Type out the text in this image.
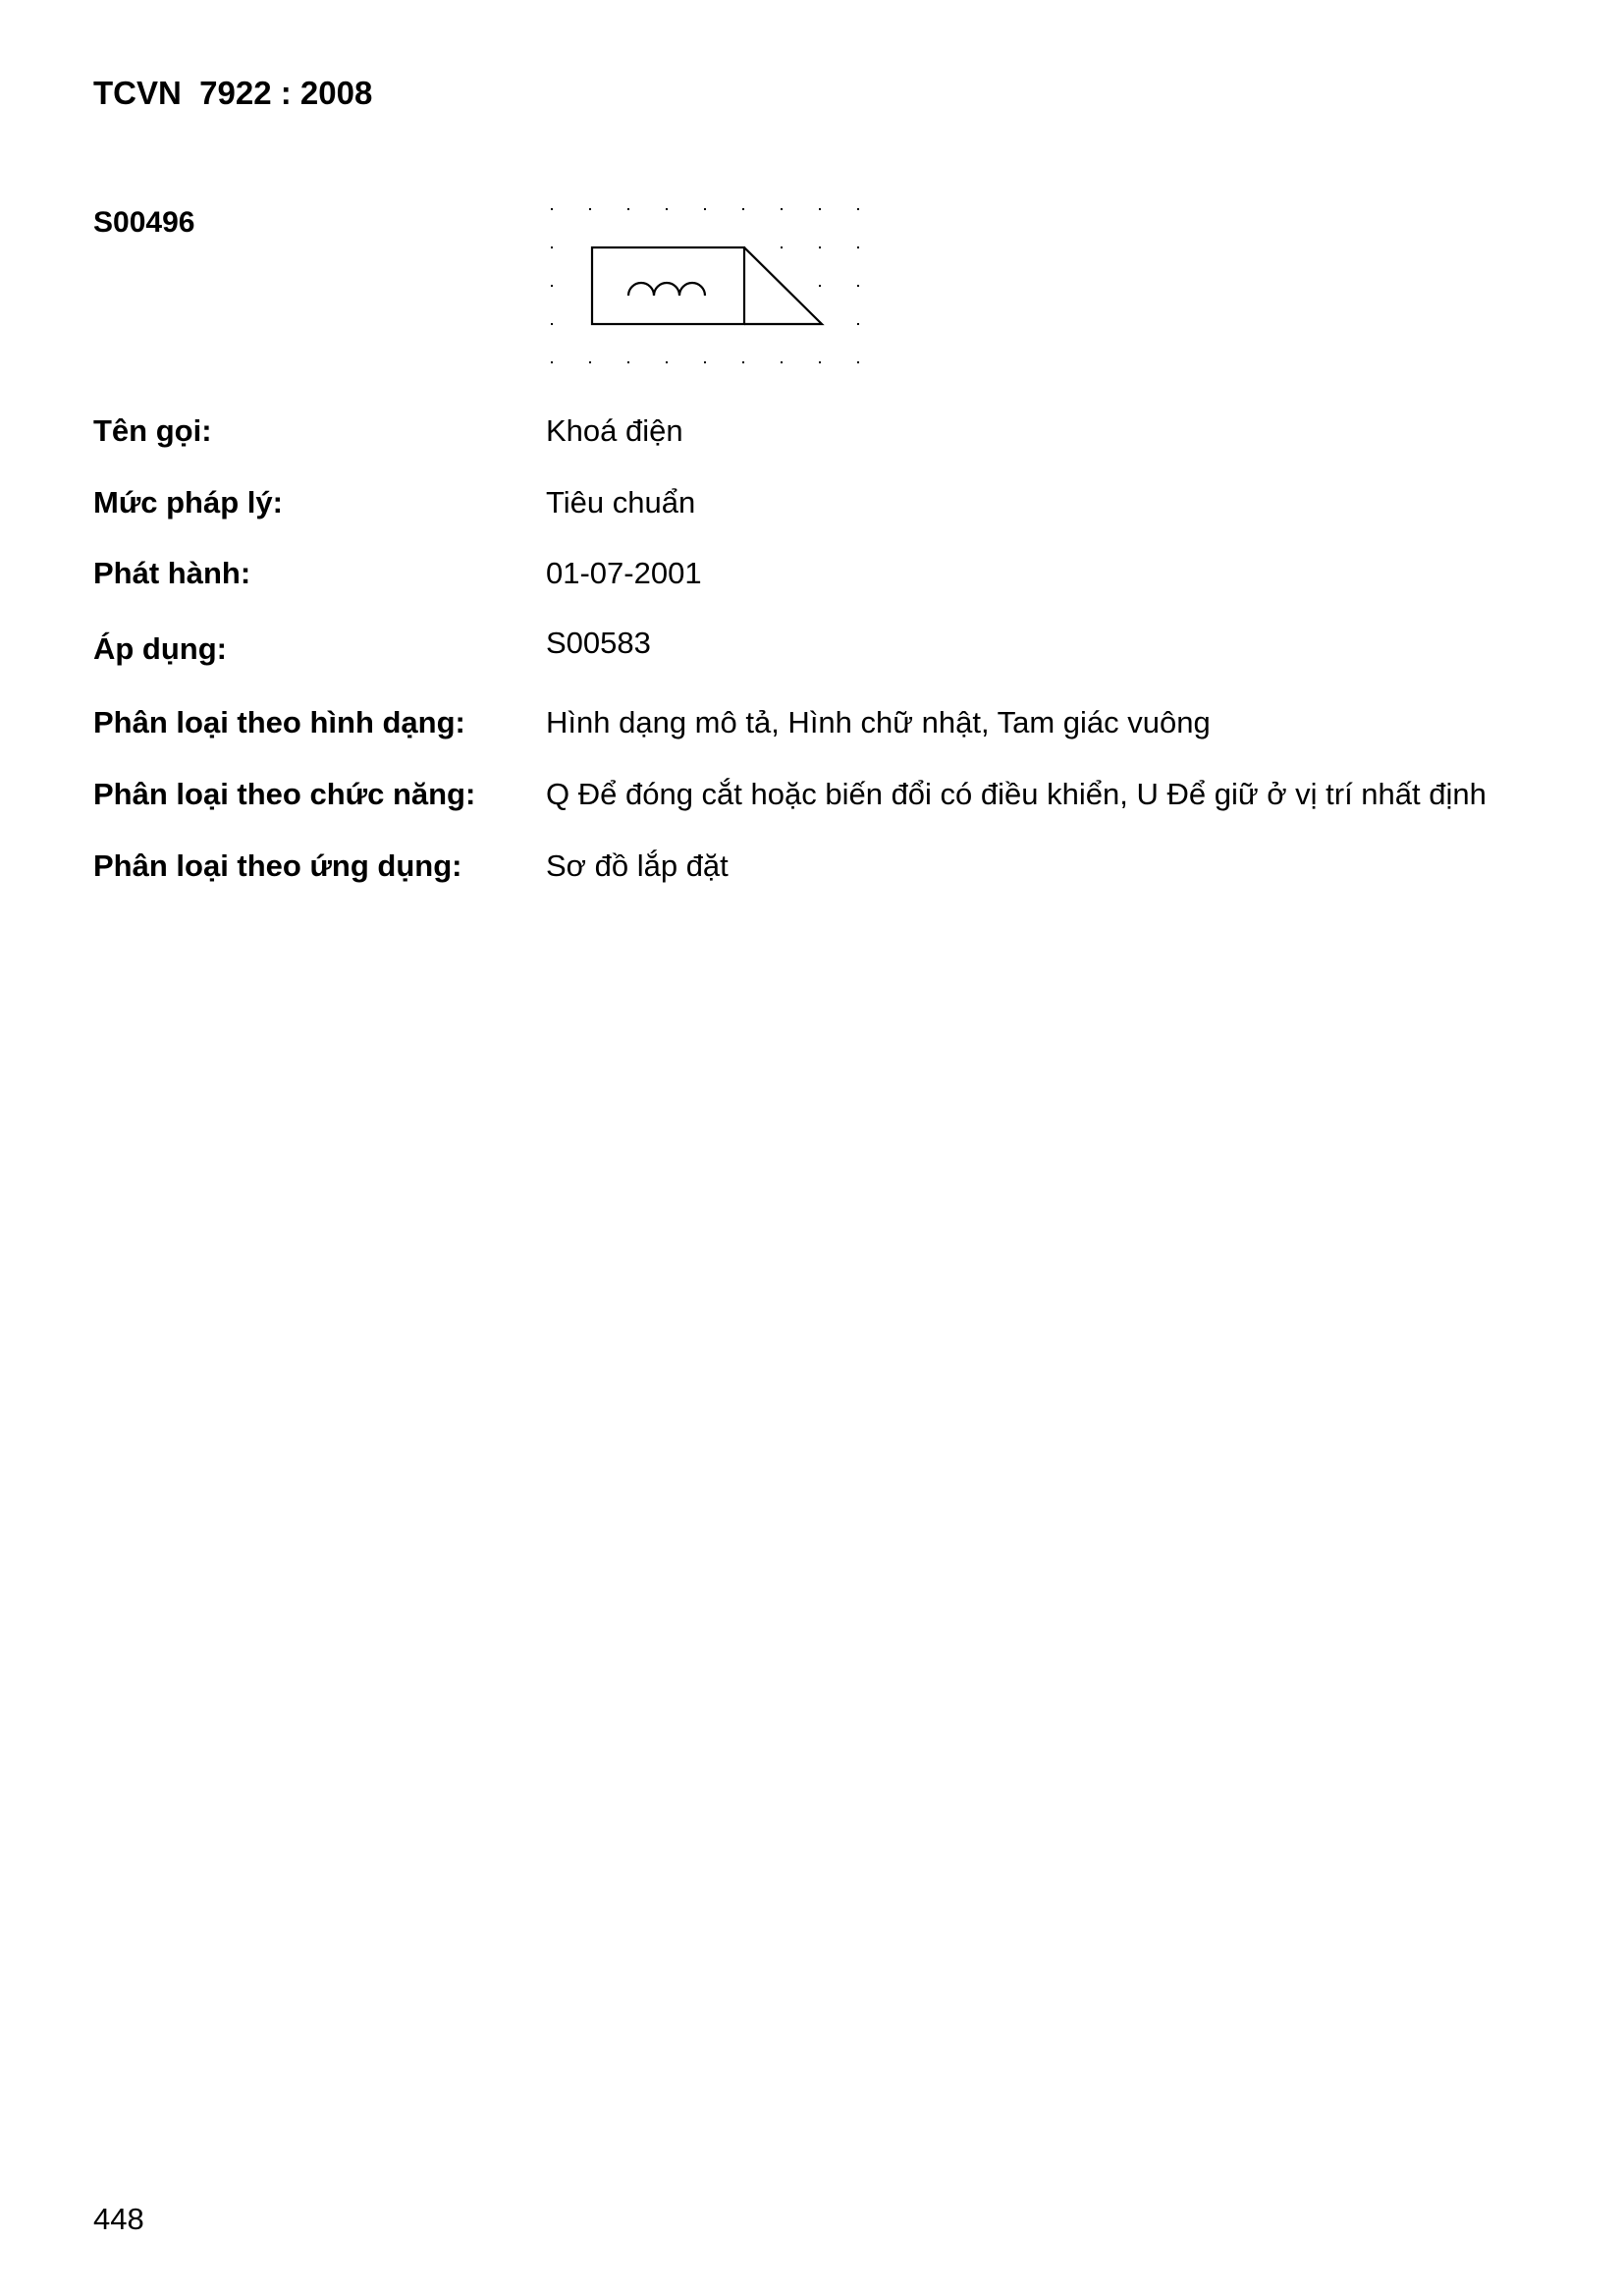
TCVN  7922 : 2008
S00496
Tên gọi:	Khoá điện
Mức pháp lý:	Tiêu chuẩn
Phát hành:	01-07-2001
Áp dụng:	S00583
Phân loại theo hình dạng:	Hình dạng mô tả, Hình chữ nhật, Tam giác vuông
Phân loại theo chức năng: Q Để đóng cắt hoặc biến đổi có điều khiển, U Để giữ ở vị trí nhất định
Phân loại theo ứng dụng:	Sơ đồ lắp đặt
448
